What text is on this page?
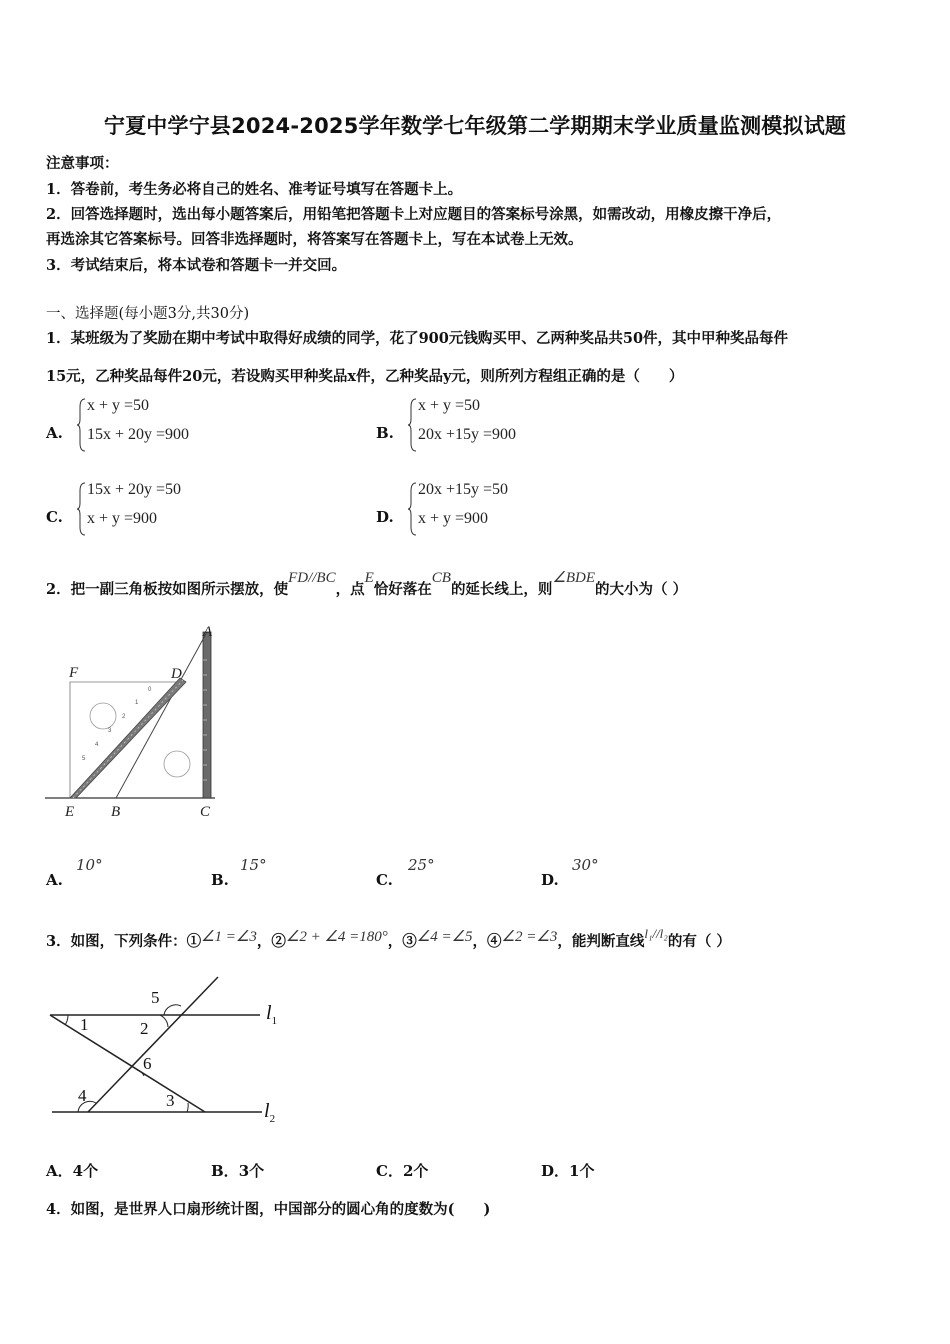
宁夏中学宁县2024-2025学年数学七年级第二学期期末学业质量监测模拟试题
注意事项：
1．答卷前，考生务必将自己的姓名、准考证号填写在答题卡上。
2．回答选择题时，选出每小题答案后，用铅笔把答题卡上对应题目的答案标号涂黑，如需改动，用橡皮擦干净后，
再选涂其它答案标号。回答非选择题时，将答案写在答题卡上，写在本试卷上无效。
3．考试结束后，将本试卷和答题卡一并交回。
一、选择题(每小题3分,共30分)
1．某班级为了奖励在期中考试中取得好成绩的同学，花了900元钱购买甲、乙两种奖品共50件，其中甲种奖品每件
15元，乙种奖品每件20元，若设购买甲种奖品x件，乙种奖品y元，则所列方程组正确的是（　　）
A.
x + y =50
15x + 20y =900	B.
x + y =50
20x +15y =900
C.
15x + 20y =50
x + y =900	D.
20x +15y =50
x + y =900
2．把一副三角板按如图所示摆放，使FD//BC，点E恰好落在CB的延长线上，则∠BDE的大小为（ ）
0
1
2
3
4
5
A
F	D
E B	C
A.
10°
B.
15°
C.
25°
D.
30°
3．如图，下列条件：①∠1 =∠3，②∠2 + ∠4 =180°，③∠4 =∠5，④∠2 =∠3，能判断直线l₁//l₂的有（ ）
1	2
3
4
5
6
$l_1$
$l_2$
A．4个	B．3个	C．2个	D．1个
4．如图，是世界人口扇形统计图，中国部分的圆心角的度数为(　　)
